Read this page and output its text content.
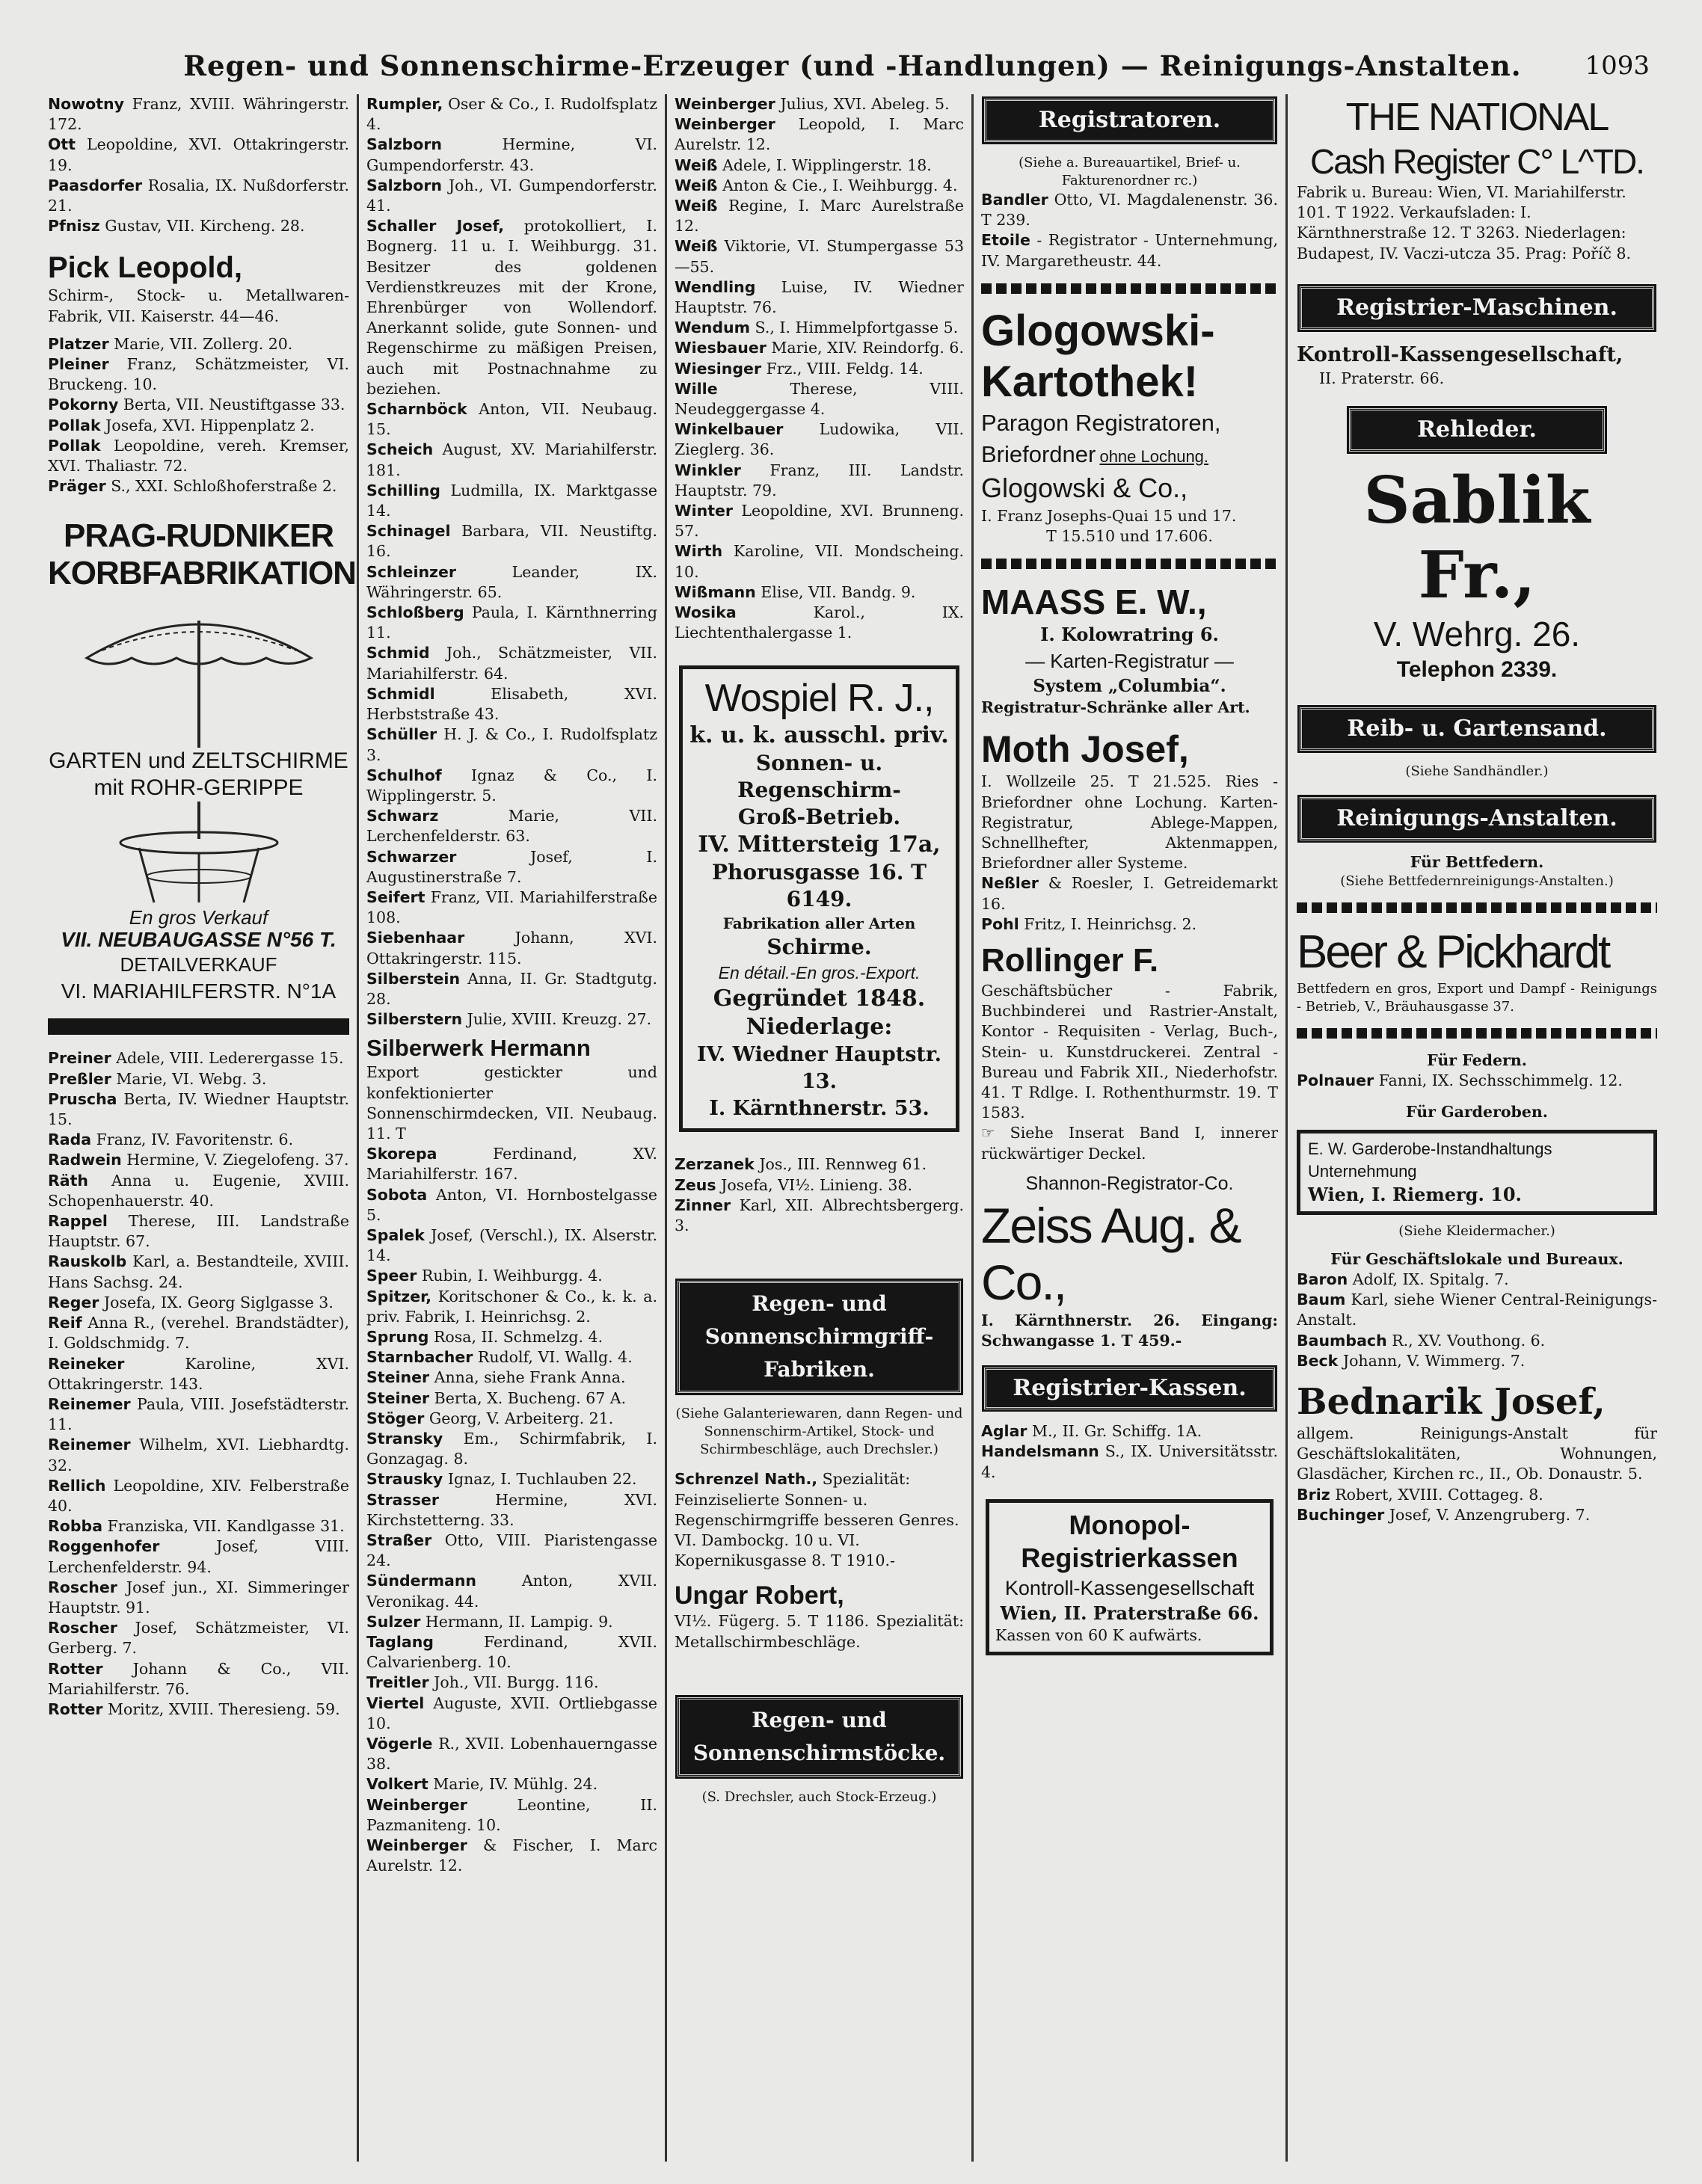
Regen- und Sonnenschirme-Erzeuger (und -Handlungen) — Reinigungs-Anstalten. 1093

Nowotny Franz, XVIII. Währingerstr. 172.

Ott Leopoldine, XVI. Ottakringerstr. 19.

Paasdorfer Rosalia, IX. Nußdorferstr. 21.

Pfnisz Gustav, VII. Kircheng. 28.

Pick Leopold,
Schirm-, Stock- u. Metallwaren-Fabrik, VII. Kaiserstr. 44—46.

Platzer Marie, VII. Zollerg. 20.

Pleiner Franz, Schätzmeister, VI. Bruckeng. 10.

Pokorny Berta, VII. Neustiftgasse 33.

Pollak Josefa, XVI. Hippenplatz 2.

Pollak Leopoldine, vereh. Kremser, XVI. Thaliastr. 72.

Präger S., XXI. Schloßhoferstraße 2.

PRAG-RUDNIKER
KORBFABRIKATION
GARTEN und ZELTSCHIRME
mit ROHR-GERIPPE
En gros Verkauf
VII. NEUBAUGASSE N°56 T.
DETAILVERKAUF
VI. MARIAHILFERSTR. N°1A

Preiner Adele, VIII. Lederergasse 15.

Preßler Marie, VI. Webg. 3.

Pruscha Berta, IV. Wiedner Hauptstr. 15.

Rada Franz, IV. Favoritenstr. 6.

Radwein Hermine, V. Ziegelofeng. 37.

Räth Anna u. Eugenie, XVIII. Schopenhauerstr. 40.

Rappel Therese, III. Landstraße Hauptstr. 67.

Rauskolb Karl, a. Bestandteile, XVIII. Hans Sachsg. 24.

Reger Josefa, IX. Georg Siglgasse 3.

Reif Anna R., (verehel. Brandstädter), I. Goldschmidg. 7.

Reineker	Karoline, XVI. Ottakringerstr. 143.

Reinemer Paula, VIII. Josefstädterstr. 11.

Reinemer Wilhelm, XVI. Liebhardtg. 32.

Rellich Leopoldine, XIV. Felberstraße 40.

Robba Franziska, VII. Kandlgasse 31.

Roggenhofer	Josef, VIII. Lerchenfelderstr. 94.

Roscher Josef jun., XI. Simmeringer Hauptstr. 91.

Roscher Josef, Schätzmeister, VI. Gerberg. 7.

Rotter Johann & Co., VII. Mariahilferstr. 76.

Rotter Moritz, XVIII. Theresieng. 59.

Rumpler, Oser & Co., I. Rudolfsplatz 4.

Salzborn	Hermine, VI. Gumpendorferstr. 43.

Salzborn Joh., VI. Gumpendorferstr. 41.

Schaller Josef, protokolliert, I. Bognerg. 11 u. I. Weihburgg. 31. Besitzer des goldenen Verdienstkreuzes mit der Krone, Ehrenbürger von Wollendorf. Anerkannt solide, gute Sonnen- und Regenschirme zu mäßigen Preisen, auch mit Postnachnahme zu beziehen.

Scharnböck Anton, VII. Neubaug. 15.

Scheich August, XV. Mariahilferstr. 181.

Schilling Ludmilla, IX. Marktgasse 14.

Schinagel Barbara, VII. Neustiftg. 16.

Schleinzer	Leander, IX. Währingerstr. 65.

Schloßberg Paula, I. Kärnthnerring 11.

Schmid Joh., Schätzmeister, VII. Mariahilferstr. 64.

Schmidl	Elisabeth, XVI. Herbststraße 43.

Schüller H. J. & Co., I. Rudolfsplatz 3.

Schulhof Ignaz & Co., I. Wipplingerstr. 5.

Schwarz	Marie, VII. Lerchenfelderstr. 63.

Schwarzer	Josef, I. Augustinerstraße 7.

Seifert Franz, VII. Mariahilferstraße 108.

Siebenhaar	Johann, XVI. Ottakringerstr. 115.

Silberstein Anna, II. Gr. Stadtgutg. 28.

Silberstern Julie, XVIII. Kreuzg. 27.

Silberwerk Hermann
Export gestickter und konfektionierter Sonnenschirmdecken, VII. Neubaug. 11. T

Skorepa	Ferdinand, XV. Mariahilferstr. 167.

Sobota Anton, VI. Hornbostelgasse 5.

Spalek Josef, (Verschl.), IX. Alserstr. 14.

Speer Rubin, I. Weihburgg. 4.

Spitzer, Koritschoner & Co., k. k. a. priv. Fabrik, I. Heinrichsg. 2.

Sprung Rosa, II. Schmelzg. 4.

Starnbacher Rudolf, VI. Wallg. 4.

Steiner Anna, siehe Frank Anna.

Steiner Berta, X. Bucheng. 67 A.

Stöger Georg, V. Arbeiterg. 21.

Stransky Em., Schirmfabrik, I. Gonzagag. 8.

Strausky Ignaz, I. Tuchlauben 22.

Strasser	Hermine, XVI. Kirchstetterng. 33.

Straßer Otto, VIII. Piaristengasse 24.

Sündermann	Anton, XVII. Veronikag. 44.

Sulzer Hermann, II. Lampig. 9.

Taglang	Ferdinand, XVII. Calvarienberg. 10.

Treitler Joh., VII. Burgg. 116.

Viertel Auguste, XVII. Ortliebgasse 10.

Vögerle R., XVII. Lobenhauerngasse 38.

Volkert Marie, IV. Mühlg. 24.

Weinberger	Leontine, II. Pazmaniteng. 10.

Weinberger & Fischer, I. Marc Aurelstr. 12.

Weinberger Julius, XVI. Abeleg. 5.

Weinberger Leopold, I. Marc Aurelstr. 12.

Weiß Adele, I. Wipplingerstr. 18.

Weiß Anton & Cie., I. Weihburgg. 4.

Weiß Regine, I. Marc Aurelstraße 12.

Weiß Viktorie, VI. Stumpergasse 53—55.

Wendling Luise, IV. Wiedner Hauptstr. 76.

Wendum S., I. Himmelpfortgasse 5.

Wiesbauer Marie, XIV. Reindorfg. 6.

Wiesinger Frz., VIII. Feldg. 14.

Wille	Therese, VIII. Neudeggergasse 4.

Winkelbauer Ludowika, VII. Zieglerg. 36.

Winkler Franz, III. Landstr. Hauptstr. 79.

Winter Leopoldine, XVI. Brunneng. 57.

Wirth Karoline, VII. Mondscheing. 10.

Wißmann Elise, VII. Bandg. 9.

Wosika	Karol., IX. Liechtenthalergasse 1.

Wospiel R. J.,
k. u. k. ausschl. priv.
Sonnen- u. Regenschirm-
Groß-Betrieb.
IV. Mittersteig 17a,
Phorusgasse 16. T 6149.
Fabrikation aller Arten
Schirme.
En détail.-En gros.-Export.
Gegründet 1848.
Niederlage:
IV. Wiedner Hauptstr. 13.
I. Kärnthnerstr. 53.

Zerzanek Jos., III. Rennweg 61.

Zeus Josefa, VI½. Linieng. 38.

Zinner Karl, XII. Albrechtsbergerg. 3.

Regen- und Sonnenschirmgriff-Fabriken.
(Siehe Galanteriewaren, dann Regen- und Sonnenschirm-Artikel, Stock- und Schirmbeschläge, auch Drechsler.)
Schrenzel Nath., Spezialität: Feinziselierte Sonnen- u. Regenschirmgriffe besseren Genres. VI. Dambockg. 10 u. VI. Kopernikusgasse 8. T 1910.-
Ungar Robert,
VI½. Fügerg. 5. T 1186. Spezialität: Metallschirmbeschläge.
Regen- und Sonnenschirmstöcke.
(S. Drechsler, auch Stock-Erzeug.)
Registratoren.
(Siehe a. Bureauartikel, Brief- u. Fakturenordner rc.)

Bandler Otto, VI. Magdalenenstr. 36. T 239.

Etoile - Registrator - Unternehmung, IV. Margaretheustr. 44.

Glogowski-
Kartothek!
Paragon Registratoren,
Briefordner ohne Lochung.
Glogowski & Co.,
I. Franz Josephs-Quai 15 und 17.
T 15.510 und 17.606.
MAASS E. W.,
I. Kolowratring 6.
— Karten-Registratur —
System „Columbia“.
Registratur-Schränke aller Art.
Moth Josef,
I. Wollzeile 25. T 21.525. Ries - Briefordner ohne Lochung. Karten-Registratur, Ablege-Mappen, Schnellhefter, Aktenmappen, Briefordner aller Systeme.

Neßler & Roesler, I. Getreidemarkt 16.

Pohl Fritz, I. Heinrichsg. 2.

Rollinger F.
Geschäftsbücher - Fabrik, Buchbinderei und Rastrier-Anstalt, Kontor - Requisiten - Verlag, Buch-, Stein- u. Kunstdruckerei. Zentral - Bureau und Fabrik XII., Niederhofstr. 41. T Rdlge. I. Rothenthurmstr. 19. T 1583.
☞ Siehe Inserat Band I, innerer rückwärtiger Deckel.
Shannon-Registrator-Co.
Zeiss Aug. & Co.,
I. Kärnthnerstr. 26. Eingang: Schwangasse 1. T 459.-
Registrier-Kassen.

Aglar M., II. Gr. Schiffg. 1A.

Handelsmann S., IX. Universitätsstr. 4.

Monopol-
Registrierkassen
Kontroll-Kassengesellschaft
Wien, II. Praterstraße 66.
Kassen von 60 K aufwärts.
THE NATIONAL
Cash Register C° L^TD.
Fabrik u. Bureau: Wien, VI. Mariahilferstr. 101. T 1922. Verkaufsladen: I. Kärnthnerstraße 12. T 3263. Niederlagen: Budapest, IV. Vaczi-utcza 35. Prag: Poříč 8.
Registrier-Maschinen.
Kontroll-Kassengesellschaft,
II. Praterstr. 66.
Rehleder.
Sablik Fr.,
V. Wehrg. 26.
Telephon 2339.
Reib- u. Gartensand.
(Siehe Sandhändler.)
Reinigungs-Anstalten.
Für Bettfedern.
(Siehe Bettfedernreinigungs-Anstalten.)
Beer & Pickhardt
Bettfedern en gros, Export und Dampf - Reinigungs - Betrieb, V., Bräuhausgasse 37.
Für Federn.
Polnauer Fanni, IX. Sechsschimmelg. 12.
Für Garderoben.
E. W. Garderobe-Instandhaltungs Unternehmung
Wien, I. Riemerg. 10.
(Siehe Kleidermacher.)
Für Geschäftslokale und Bureaux.

Baron Adolf, IX. Spitalg. 7.

Baum Karl, siehe Wiener Central-Reinigungs-Anstalt.

Baumbach R., XV. Vouthong. 6.

Beck Johann, V. Wimmerg. 7.

Bednarik Josef,
allgem. Reinigungs-Anstalt für Geschäftslokalitäten, Wohnungen, Glasdächer, Kirchen rc., II., Ob. Donaustr. 5.

Briz Robert, XVIII. Cottageg. 8.

Buchinger Josef, V. Anzengruberg. 7.
